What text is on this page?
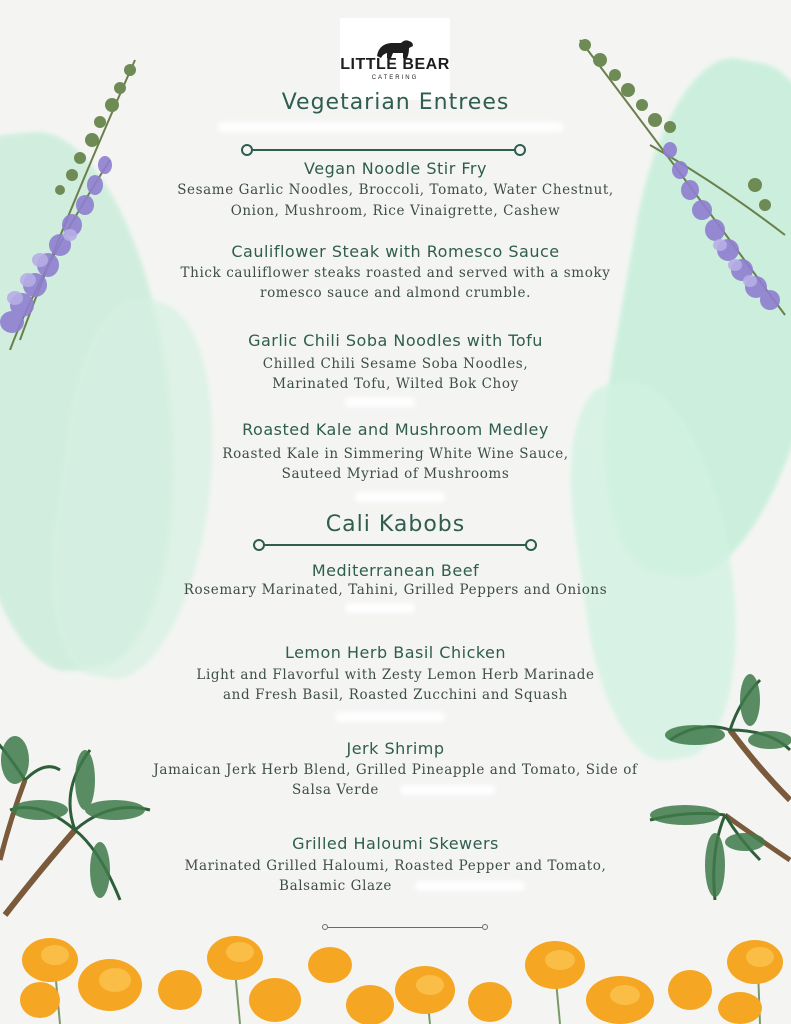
LITTLE BEAR
CATERING
Vegetarian Entrees
Vegan Noodle Stir Fry
Sesame Garlic Noodles, Broccoli, Tomato, Water Chestnut,
Onion, Mushroom, Rice Vinaigrette, Cashew
Cauliflower Steak with Romesco Sauce
Thick cauliflower steaks roasted and served with a smoky
romesco sauce and almond crumble.
Garlic Chili Soba Noodles with Tofu
Chilled Chili Sesame Soba Noodles,
Marinated Tofu, Wilted Bok Choy
Roasted Kale and Mushroom Medley
Roasted Kale in Simmering White Wine Sauce,
Sauteed Myriad of Mushrooms
Cali Kabobs
Mediterranean Beef
Rosemary Marinated, Tahini, Grilled Peppers and Onions
Lemon Herb Basil Chicken
Light and Flavorful with Zesty Lemon Herb Marinade
and Fresh Basil, Roasted Zucchini and Squash
Jerk Shrimp
Jamaican Jerk Herb Blend, Grilled Pineapple and Tomato, Side of
Salsa Verde
Grilled Haloumi Skewers
Marinated Grilled Haloumi, Roasted Pepper and Tomato,
Balsamic Glaze
